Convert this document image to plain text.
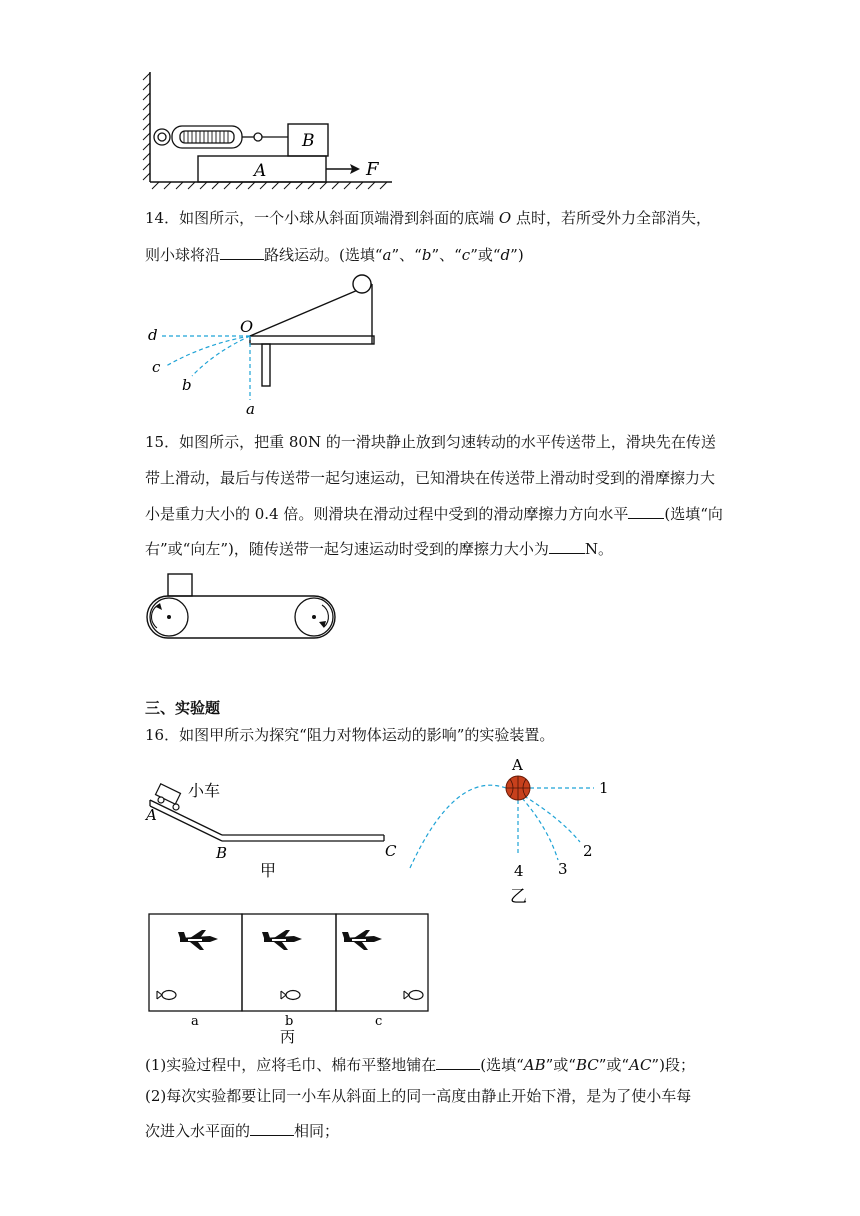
B
A	F
14．如图所示，一个小球从斜面顶端滑到斜面的底端 O 点时，若所受外力全部消失，
则小球将沿	路线运动。(选填“a”、“b”、“c”或“d”)
O
d
c
b
a
15．如图所示，把重 80N 的一滑块静止放到匀速转动的水平传送带上，滑块先在传送
带上滑动，最后与传送带一起匀速运动，已知滑块在传送带上滑动时受到的滑摩擦力大
小是重力大小的 0.4 倍。则滑块在滑动过程中受到的滑动摩擦力方向水平 (选填“向
右”或“向左”)，随传送带一起匀速运动时受到的摩擦力大小为 N。
三、实验题
16．如图甲所示为探究“阻力对物体运动的影响”的实验装置。
小车
A
B	C
甲
A
1
2
3
4
乙
a	b	c
丙
(1)实验过程中，应将毛巾、棉布平整地铺在	(选填“AB”或“BC”或“AC”)段；
(2)每次实验都要让同一小车从斜面上的同一高度由静止开始下滑，是为了使小车每
次进入水平面的	相同；
